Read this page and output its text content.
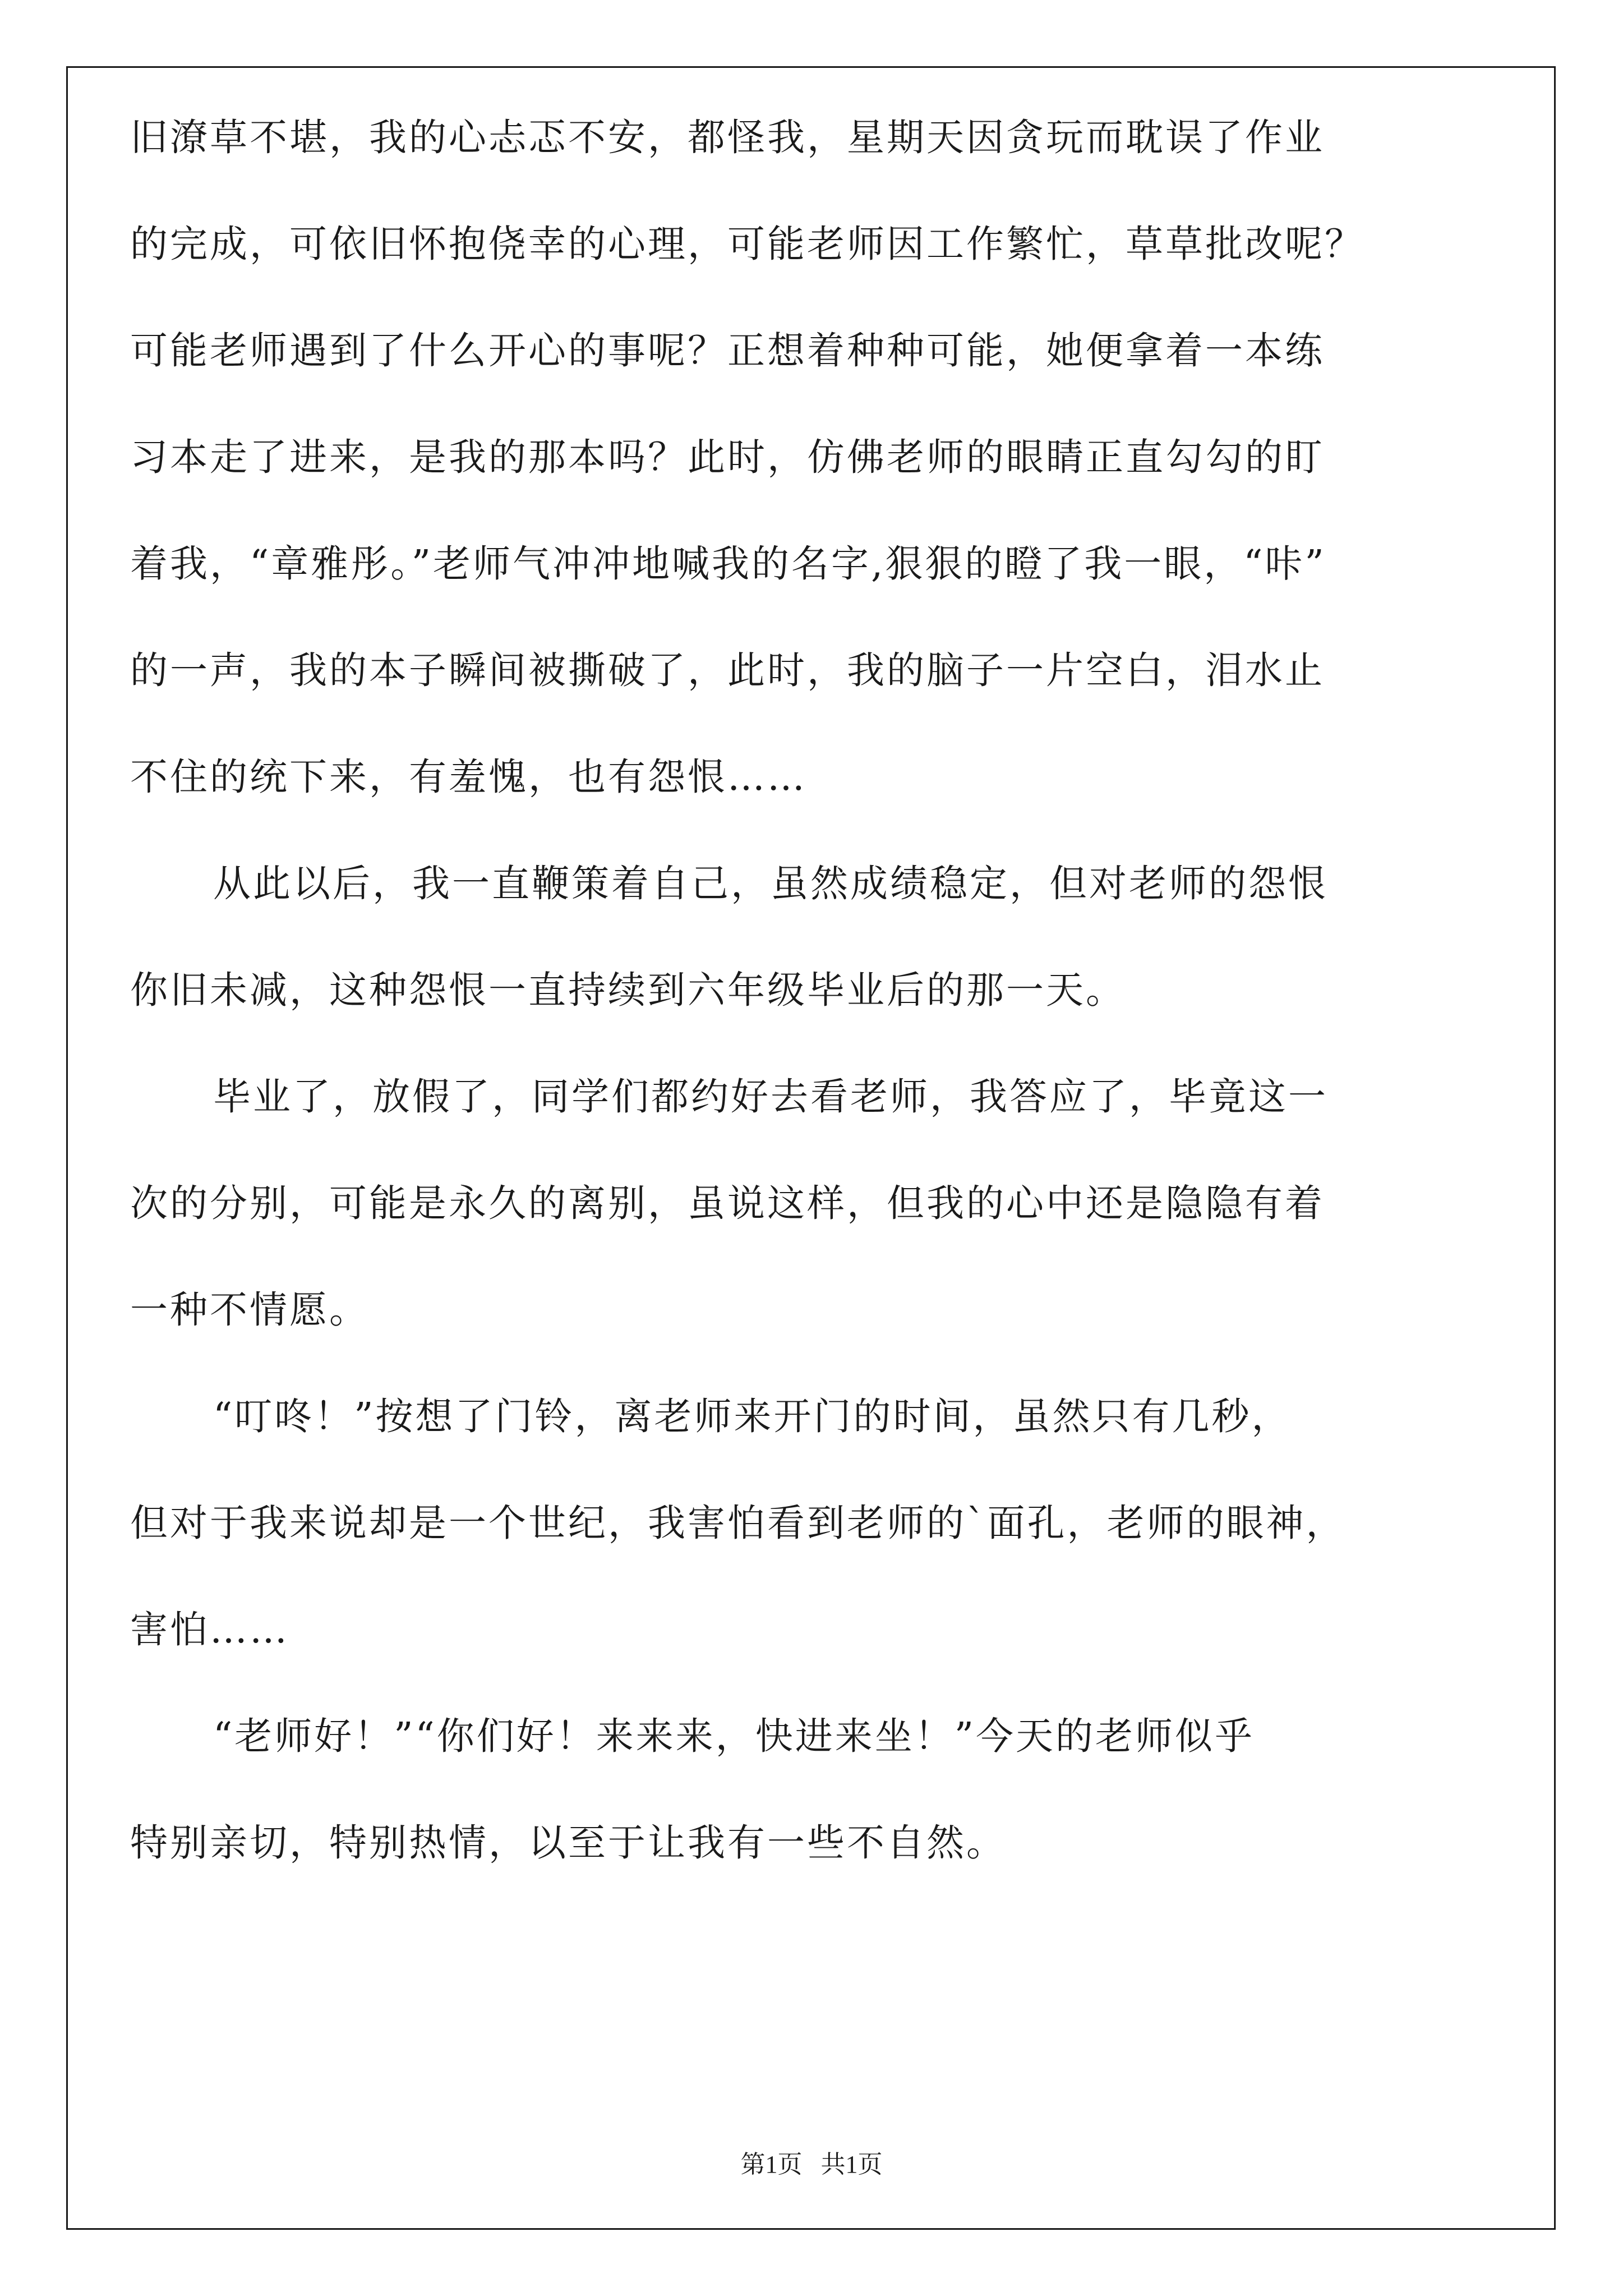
旧潦草不堪，我的心忐忑不安，都怪我，星期天因贪玩而耽误了作业
的完成，可依旧怀抱侥幸的心理，可能老师因工作繁忙，草草批改呢？
可能老师遇到了什么开心的事呢？正想着种种可能，她便拿着一本练
习本走了进来，是我的那本吗？此时，仿佛老师的眼睛正直勾勾的盯
着我，“章雅彤。”老师气冲冲地喊我的名字,狠狠的瞪了我一眼，“咔”
的一声，我的本子瞬间被撕破了，此时，我的脑子一片空白，泪水止
不住的统下来，有羞愧，也有怨恨……
从此以后，我一直鞭策着自己，虽然成绩稳定，但对老师的怨恨
你旧未减，这种怨恨一直持续到六年级毕业后的那一天。
毕业了，放假了，同学们都约好去看老师，我答应了，毕竟这一
次的分别，可能是永久的离别，虽说这样，但我的心中还是隐隐有着
一种不情愿。
“叮咚！”按想了门铃，离老师来开门的时间，虽然只有几秒，
但对于我来说却是一个世纪，我害怕看到老师的`面孔，老师的眼神，
害怕……
“老师好！”“你们好！来来来，快进来坐！”今天的老师似乎
特别亲切，特别热情，以至于让我有一些不自然。
第1页   共1页
